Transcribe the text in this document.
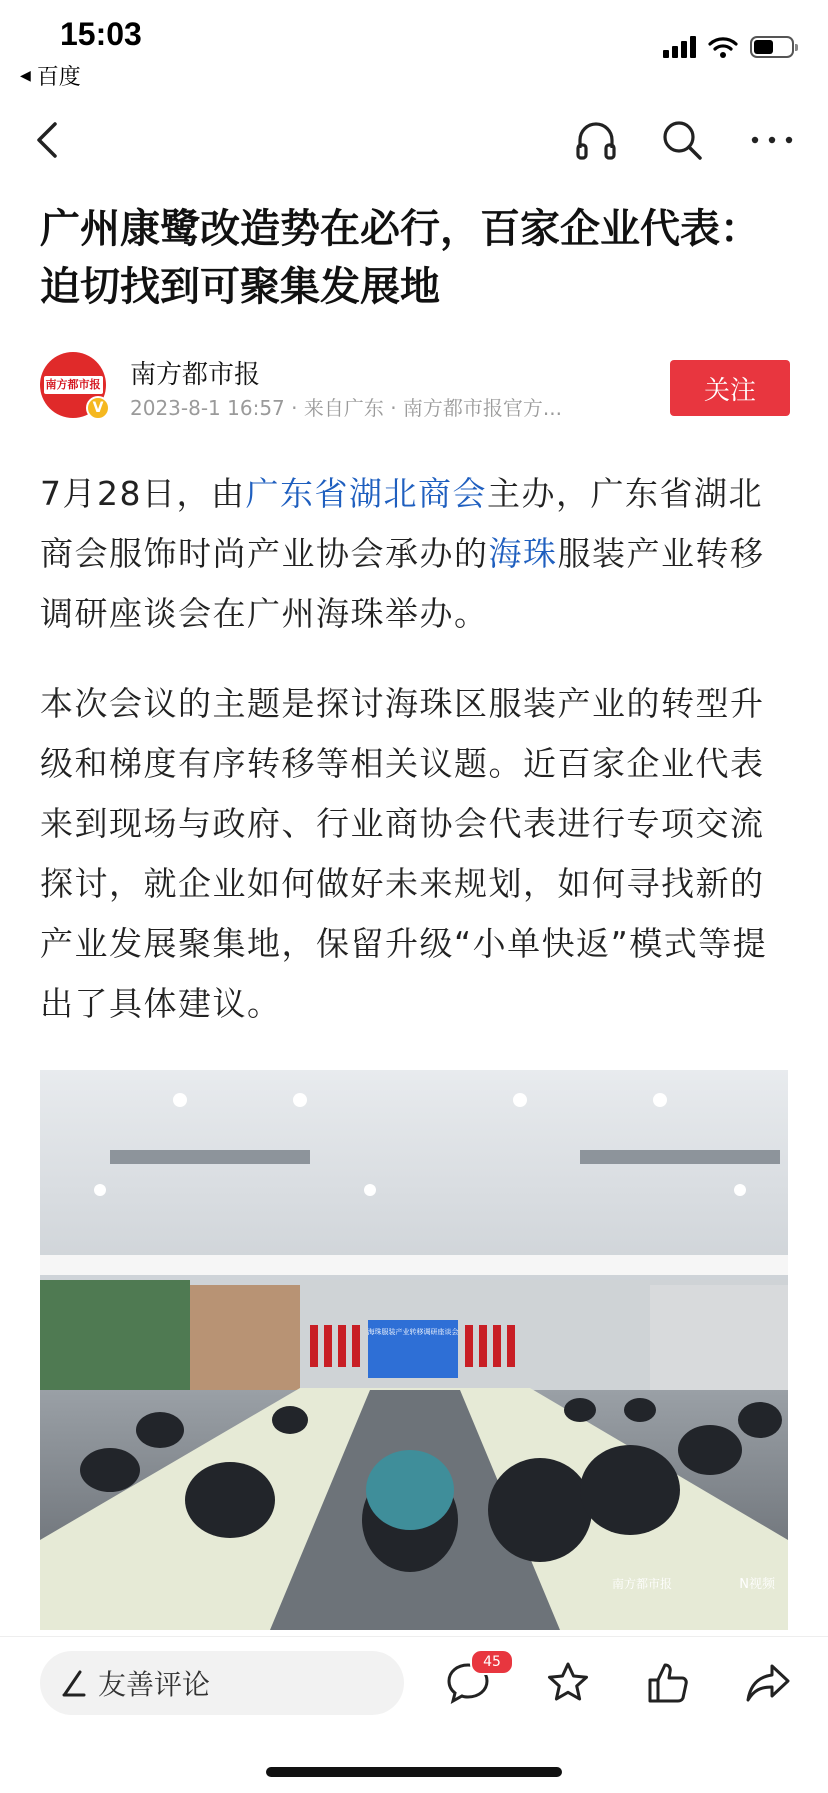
15:03
◀ 百度
广州康鹭改造势在必行，百家企业代表：迫切找到可聚集发展地
南方都市报
V
南方都市报
2023-8-1 16:57 · 来自广东 · 南方都市报官方...
关注
7月28日，由广东省湖北商会主办，广东省湖北商会服饰时尚产业协会承办的海珠服装产业转移调研座谈会在广州海珠举办。
本次会议的主题是探讨海珠区服装产业的转型升级和梯度有序转移等相关议题。近百家企业代表来到现场与政府、行业商协会代表进行专项交流探讨，就企业如何做好未来规划，如何寻找新的产业发展聚集地，保留升级“小单快返”模式等提出了具体建议。
海珠服装产业转移调研座谈会
南方都市报	N视频
友善评论
45
